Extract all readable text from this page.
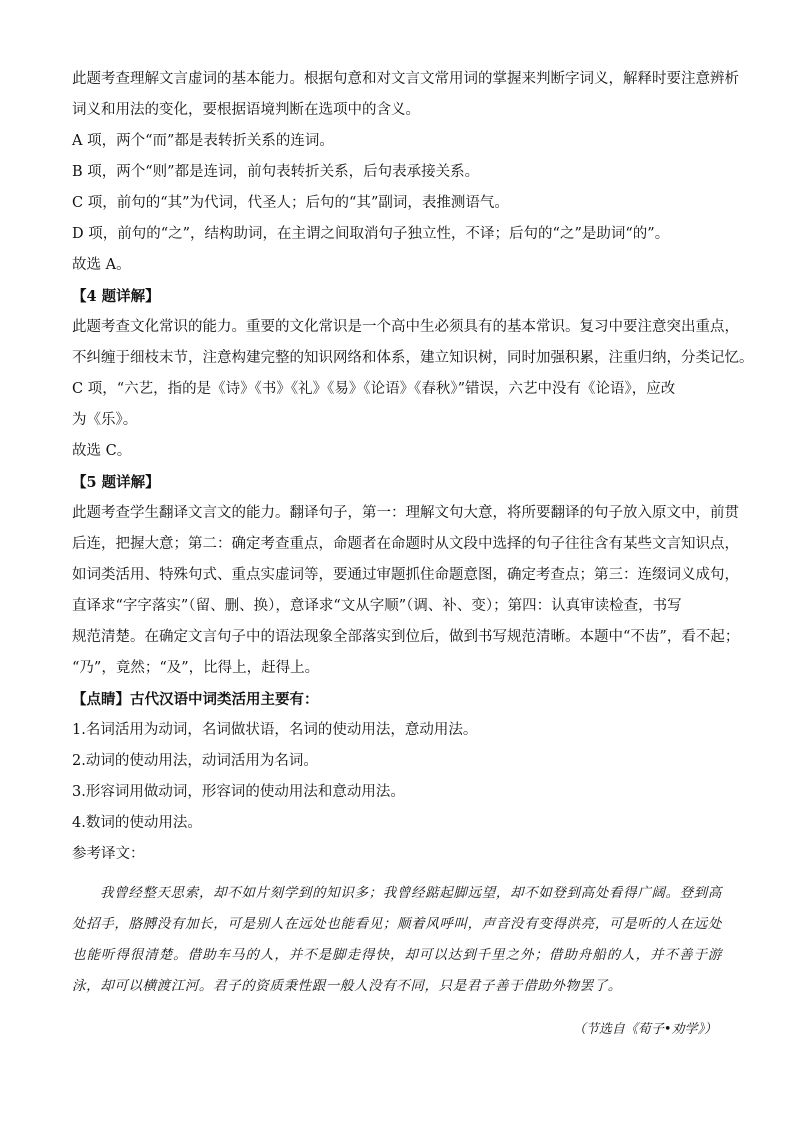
此题考查理解文言虚词的基本能力。根据句意和对文言文常用词的掌握来判断字词义，解释时要注意辨析

词义和用法的变化，要根据语境判断在选项中的含义。

A 项，两个“而”都是表转折关系的连词。

B 项，两个“则”都是连词，前句表转折关系，后句表承接关系。

C 项，前句的“其”为代词，代圣人；后句的“其”副词，表推测语气。

D 项，前句的“之”，结构助词，在主谓之间取消句子独立性，不译；后句的“之”是助词“的”。

故选 A。

【4 题详解】

此题考查文化常识的能力。重要的文化常识是一个高中生必须具有的基本常识。复习中要注意突出重点，

不纠缠于细枝末节，注意构建完整的知识网络和体系，建立知识树，同时加强积累，注重归纳，分类记忆。

C 项，“六艺，指的是《诗》《书》《礼》《易》《论语》《春秋》”错误，六艺中没有《论语》，应改

为《乐》。

故选 C。

【5 题详解】

此题考查学生翻译文言文的能力。翻译句子，第一：理解文句大意，将所要翻译的句子放入原文中，前贯

后连，把握大意；第二：确定考查重点，命题者在命题时从文段中选择的句子往往含有某些文言知识点，

如词类活用、特殊句式、重点实虚词等，要通过审题抓住命题意图，确定考查点；第三：连缀词义成句，

直译求“字字落实”（留、删、换），意译求“文从字顺”（调、补、变）；第四：认真审读检查，书写

规范清楚。在确定文言句子中的语法现象全部落实到位后，做到书写规范清晰。本题中“不齿”，看不起；

“乃”，竟然；“及”，比得上，赶得上。

【点睛】古代汉语中词类活用主要有：

1.名词活用为动词，名词做状语，名词的使动用法，意动用法。

2.动词的使动用法，动词活用为名词。

3.形容词用做动词，形容词的使动用法和意动用法。

4.数词的使动用法。

参考译文：

我曾经整天思索，却不如片刻学到的知识多；我曾经踮起脚远望，却不如登到高处看得广阔。登到高处招手，胳膊没有加长，可是别人在远处也能看见；顺着风呼叫，声音没有变得洪亮，可是听的人在远处也能听得很清楚。借助车马的人，并不是脚走得快，却可以达到千里之外；借助舟船的人，并不善于游泳，却可以横渡江河。君子的资质秉性跟一般人没有不同，只是君子善于借助外物罢了。

（节选自《荀子•劝学》）
